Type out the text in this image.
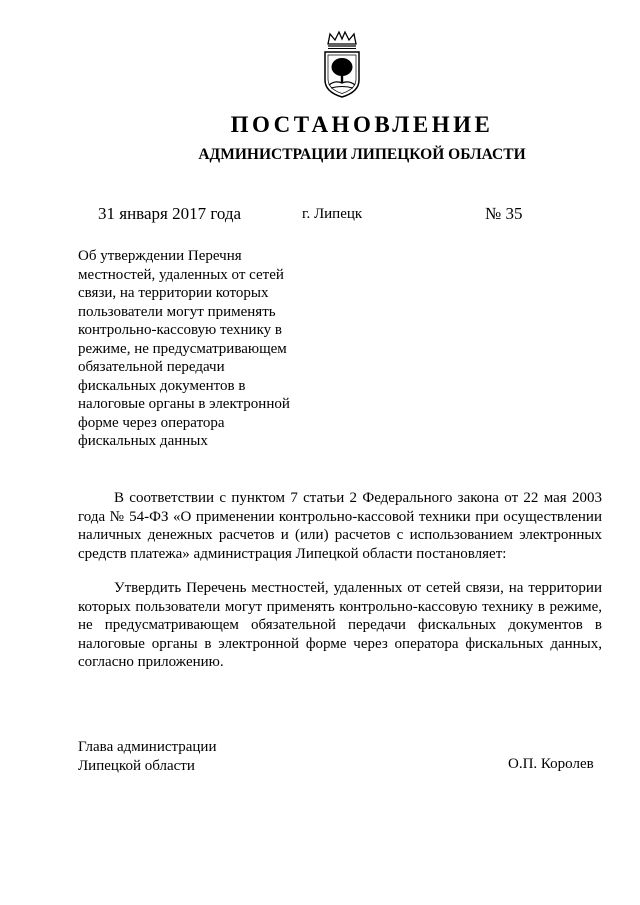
ПОСТАНОВЛЕНИЕ
АДМИНИСТРАЦИИ ЛИПЕЦКОЙ ОБЛАСТИ
31 января 2017 года	г. Липецк	№ 35
Об утверждении Перечня
местностей, удаленных от сетей
связи, на территории которых
пользователи могут применять
контрольно-кассовую технику в
режиме, не предусматривающем
обязательной передачи
фискальных документов в
налоговые органы в электронной
форме через оператора
фискальных данных
В соответствии с пунктом 7 статьи 2 Федерального закона от 22 мая 2003 года № 54-ФЗ «О применении контрольно-кассовой техники при осуществлении наличных денежных расчетов и (или) расчетов с использованием электронных средств платежа» администрация Липецкой области постановляет:
Утвердить Перечень местностей, удаленных от сетей связи, на территории которых пользователи могут применять контрольно-кассовую технику в режиме, не предусматривающем обязательной передачи фискальных документов в налоговые органы в электронной форме через оператора фискальных данных, согласно приложению.
Глава администрации
Липецкой области	О.П. Королев
